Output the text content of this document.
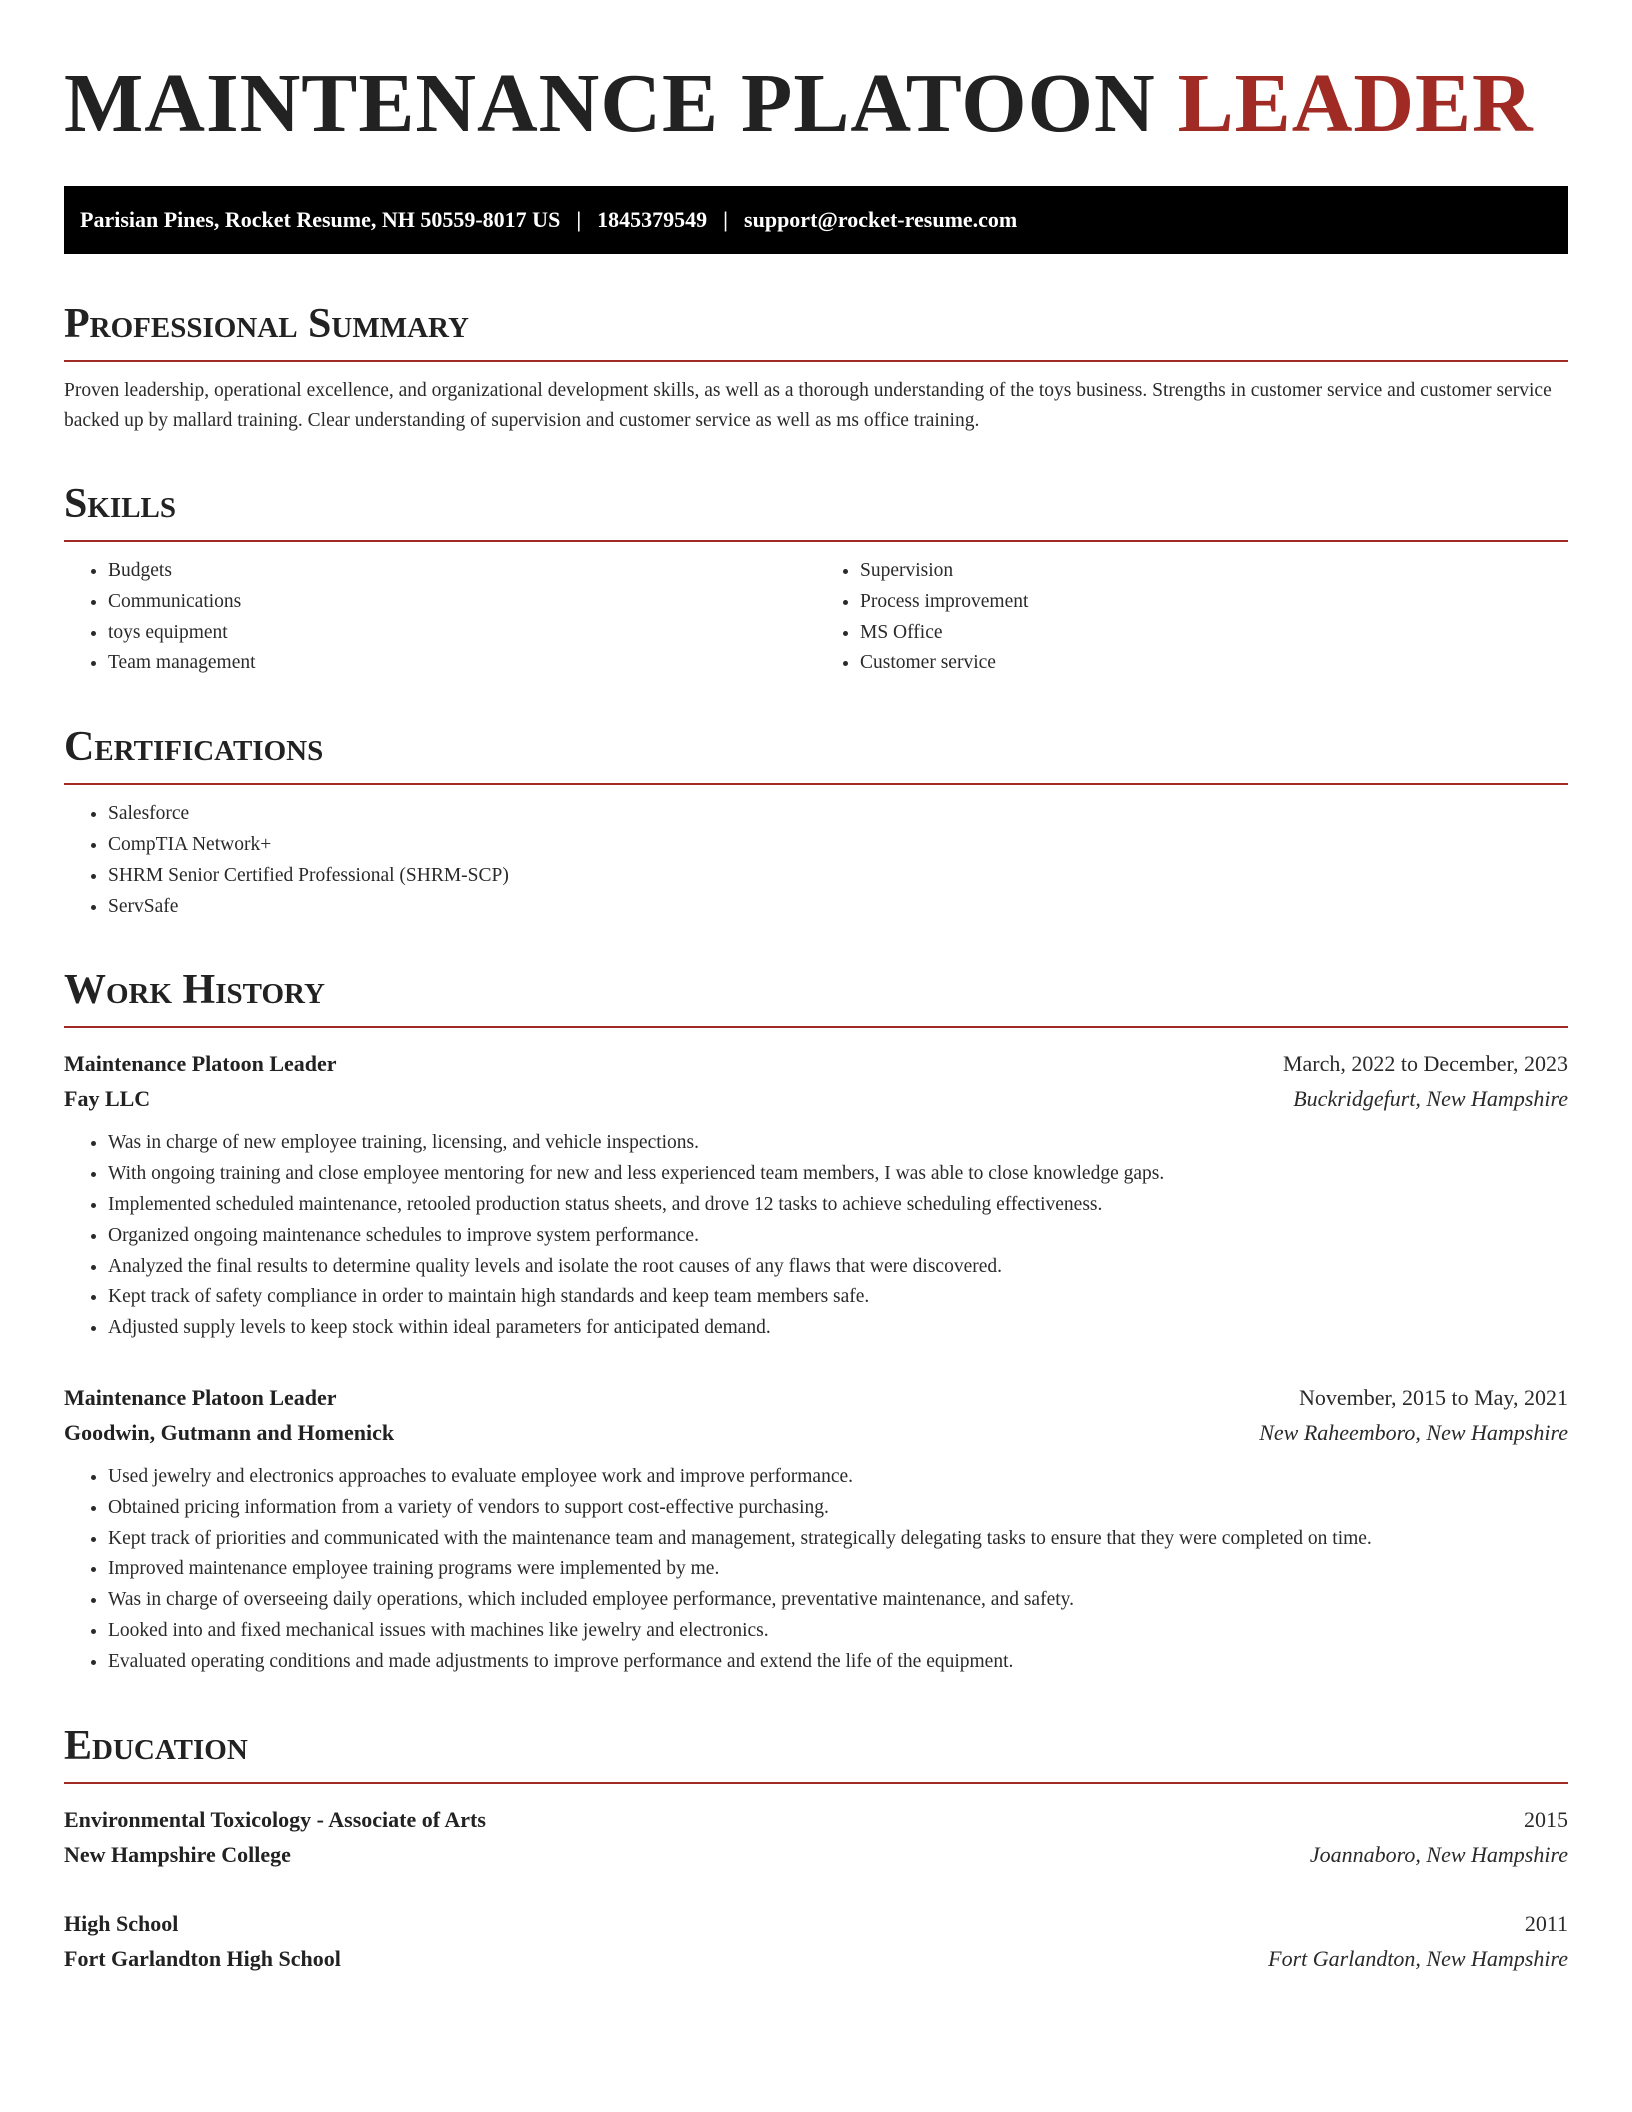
MAINTENANCE PLATOON LEADER
Parisian Pines, Rocket Resume, NH 50559-8017 US | 1845379549 | support@rocket-resume.com
Professional Summary

Proven leadership, operational excellence, and organizational development skills, as well as a thorough understanding of the toys business. Strengths in customer service and customer service backed up by mallard training. Clear understanding of supervision and customer service as well as ms office training.

Skills
• Budgets
• Communications
• toys equipment
• Team management
• Supervision
• Process improvement
• MS Office
• Customer service
Certifications
• Salesforce
• CompTIA Network+
• SHRM Senior Certified Professional (SHRM-SCP)
• ServSafe
Work History
Maintenance Platoon Leader	March, 2022 to December, 2023
Fay LLC	Buckridgefurt, New Hampshire
• Was in charge of new employee training, licensing, and vehicle inspections.
• With ongoing training and close employee mentoring for new and less experienced team members, I was able to close knowledge gaps.
• Implemented scheduled maintenance, retooled production status sheets, and drove 12 tasks to achieve scheduling effectiveness.
• Organized ongoing maintenance schedules to improve system performance.
• Analyzed the final results to determine quality levels and isolate the root causes of any flaws that were discovered.
• Kept track of safety compliance in order to maintain high standards and keep team members safe.
• Adjusted supply levels to keep stock within ideal parameters for anticipated demand.
Maintenance Platoon Leader	November, 2015 to May, 2021
Goodwin, Gutmann and Homenick	New Raheemboro, New Hampshire
• Used jewelry and electronics approaches to evaluate employee work and improve performance.
• Obtained pricing information from a variety of vendors to support cost-effective purchasing.
• Kept track of priorities and communicated with the maintenance team and management, strategically delegating tasks to ensure that they were completed on time.
• Improved maintenance employee training programs were implemented by me.
• Was in charge of overseeing daily operations, which included employee performance, preventative maintenance, and safety.
• Looked into and fixed mechanical issues with machines like jewelry and electronics.
• Evaluated operating conditions and made adjustments to improve performance and extend the life of the equipment.
Education
Environmental Toxicology - Associate of Arts	2015
New Hampshire College	Joannaboro, New Hampshire
High School	2011
Fort Garlandton High School	Fort Garlandton, New Hampshire
